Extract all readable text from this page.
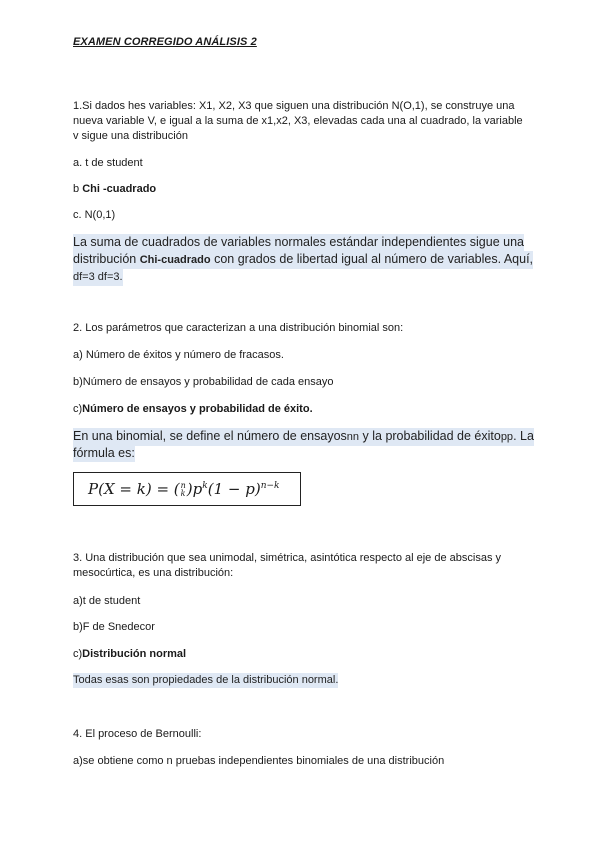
EXAMEN CORREGIDO ANÁLISIS 2
1.Si dados hes variables: X1, X2, X3 que siguen una distribución N(O,1), se construye una
nueva variable V, e igual a la suma de x1,x2, X3, elevadas cada una al cuadrado, la variable
v sigue una distribución
a. t de student
b Chi -cuadrado
c. N(0,1)
La suma de cuadrados de variables normales estándar independientes sigue una
distribución Chi-cuadrado con grados de libertad igual al número de variables. Aquí,
df=3 df=3.
2. Los parámetros que caracterizan a una distribución binomial son:
a) Número de éxitos y número de fracasos.
b)Número de ensayos y probabilidad de cada ensayo
c)Número de ensayos y probabilidad de éxito.
En una binomial, se define el número de ensayosnn y la probabilidad de éxitopp. La
fórmula es:
P(X = k) = ( n
k )$p^k(1 - p)^{n-k}$
3. Una distribución que sea unimodal, simétrica, asintótica respecto al eje de abscisas y
mesocúrtica, es una distribución:
a)t de student
b)F de Snedecor
c)Distribución normal
Todas esas son propiedades de la distribución normal.
4. El proceso de Bernoulli:
a)se obtiene como n pruebas independientes binomiales de una distribución
